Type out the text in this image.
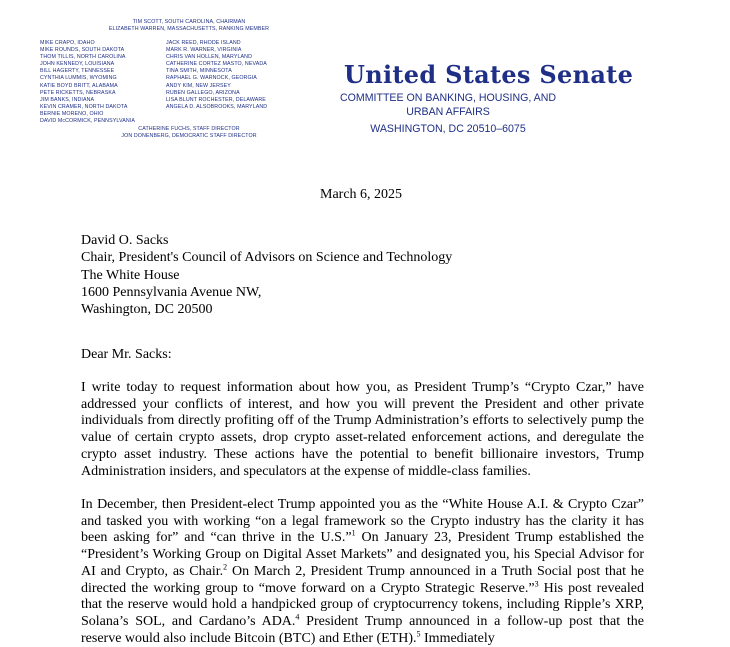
TIM SCOTT, SOUTH CAROLINA, CHAIRMAN
ELIZABETH WARREN, MASSACHUSETTS, RANKING MEMBER
MIKE CRAPO, IDAHO
MIKE ROUNDS, SOUTH DAKOTA
THOM TILLIS, NORTH CAROLINA
JOHN KENNEDY, LOUISIANA
BILL HAGERTY, TENNESSEE
CYNTHIA LUMMIS, WYOMING
KATIE BOYD BRITT, ALABAMA
PETE RICKETTS, NEBRASKA
JIM BANKS, INDIANA
KEVIN CRAMER, NORTH DAKOTA
BERNIE MORENO, OHIO
DAVID McCORMICK, PENNSYLVANIA
JACK REED, RHODE ISLAND
MARK R. WARNER, VIRGINIA
CHRIS VAN HOLLEN, MARYLAND
CATHERINE CORTEZ MASTO, NEVADA
TINA SMITH, MINNESOTA
RAPHAEL G. WARNOCK, GEORGIA
ANDY KIM, NEW JERSEY
RUBEN GALLEGO, ARIZONA
LISA BLUNT ROCHESTER, DELAWARE
ANGELA D. ALSOBROOKS, MARYLAND
CATHERINE FUCHS, STAFF DIRECTOR
JON DONENBERG, DEMOCRATIC STAFF DIRECTOR
United States Senate
COMMITTEE ON BANKING, HOUSING, AND
URBAN AFFAIRS
WASHINGTON, DC 20510–6075
March 6, 2025
David O. Sacks
Chair, President's Council of Advisors on Science and Technology
The White House
1600 Pennsylvania Avenue NW,
Washington, DC 20500
Dear Mr. Sacks:
I write today to request information about how you, as President Trump’s “Crypto Czar,” have addressed your conflicts of interest, and how you will prevent the President and other private individuals from directly profiting off of the Trump Administration’s efforts to selectively pump the value of certain crypto assets, drop crypto asset-related enforcement actions, and deregulate the crypto asset industry. These actions have the potential to benefit billionaire investors, Trump Administration insiders, and speculators at the expense of middle-class families.
In December, then President-elect Trump appointed you as the “White House A.I. & Crypto Czar” and tasked you with working “on a legal framework so the Crypto industry has the clarity it has been asking for” and “can thrive in the U.S.”$^1$ On January 23, President Trump established the “President’s Working Group on Digital Asset Markets” and designated you, his Special Advisor for AI and Crypto, as Chair.$^2$ On March 2, President Trump announced in a Truth Social post that he directed the working group to “move forward on a Crypto Strategic Reserve.”$^3$ His post revealed that the reserve would hold a handpicked group of cryptocurrency tokens, including Ripple’s XRP, Solana’s SOL, and Cardano’s ADA.$^4$ President Trump announced in a follow-up post that the reserve would also include Bitcoin (BTC) and Ether (ETH).$^5$ Immediately
